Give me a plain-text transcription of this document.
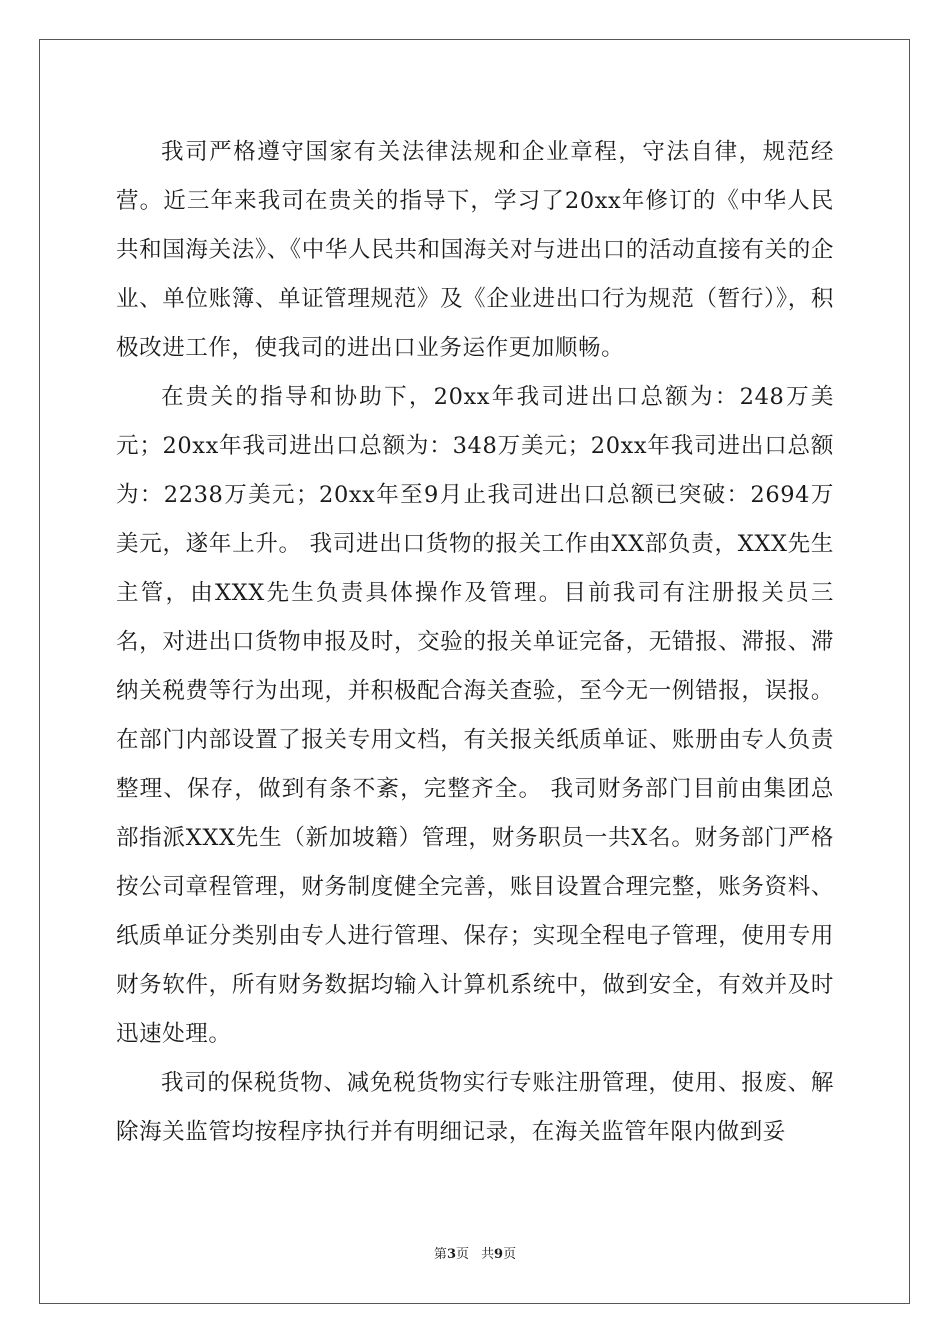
我司严格遵守国家有关法律法规和企业章程，守法自律，规范经营。近三年来我司在贵关的指导下，学习了20xx年修订的《中华人民共和国海关法》、《中华人民共和国海关对与进出口的活动直接有关的企业、单位账簿、单证管理规范》及《企业进出口行为规范（暂行）》，积极改进工作，使我司的进出口业务运作更加顺畅。

在贵关的指导和协助下，20xx年我司进出口总额为：248万美元；20xx年我司进出口总额为：348万美元；20xx年我司进出口总额为：2238万美元；20xx年至9月止我司进出口总额已突破：2694万美元，遂年上升。 我司进出口货物的报关工作由XX部负责，XXX先生主管，由XXX先生负责具体操作及管理。目前我司有注册报关员三名，对进出口货物申报及时，交验的报关单证完备，无错报、滞报、滞纳关税费等行为出现，并积极配合海关查验，至今无一例错报，误报。在部门内部设置了报关专用文档，有关报关纸质单证、账册由专人负责整理、保存，做到有条不紊，完整齐全。 我司财务部门目前由集团总部指派XXX先生（新加坡籍）管理，财务职员一共X名。财务部门严格按公司章程管理，财务制度健全完善，账目设置合理完整，账务资料、纸质单证分类别由专人进行管理、保存；实现全程电子管理，使用专用财务软件，所有财务数据均输入计算机系统中，做到安全，有效并及时迅速处理。

我司的保税货物、减免税货物实行专账注册管理，使用、报废、解除海关监管均按程序执行并有明细记录，在海关监管年限内做到妥

第3页 共9页
